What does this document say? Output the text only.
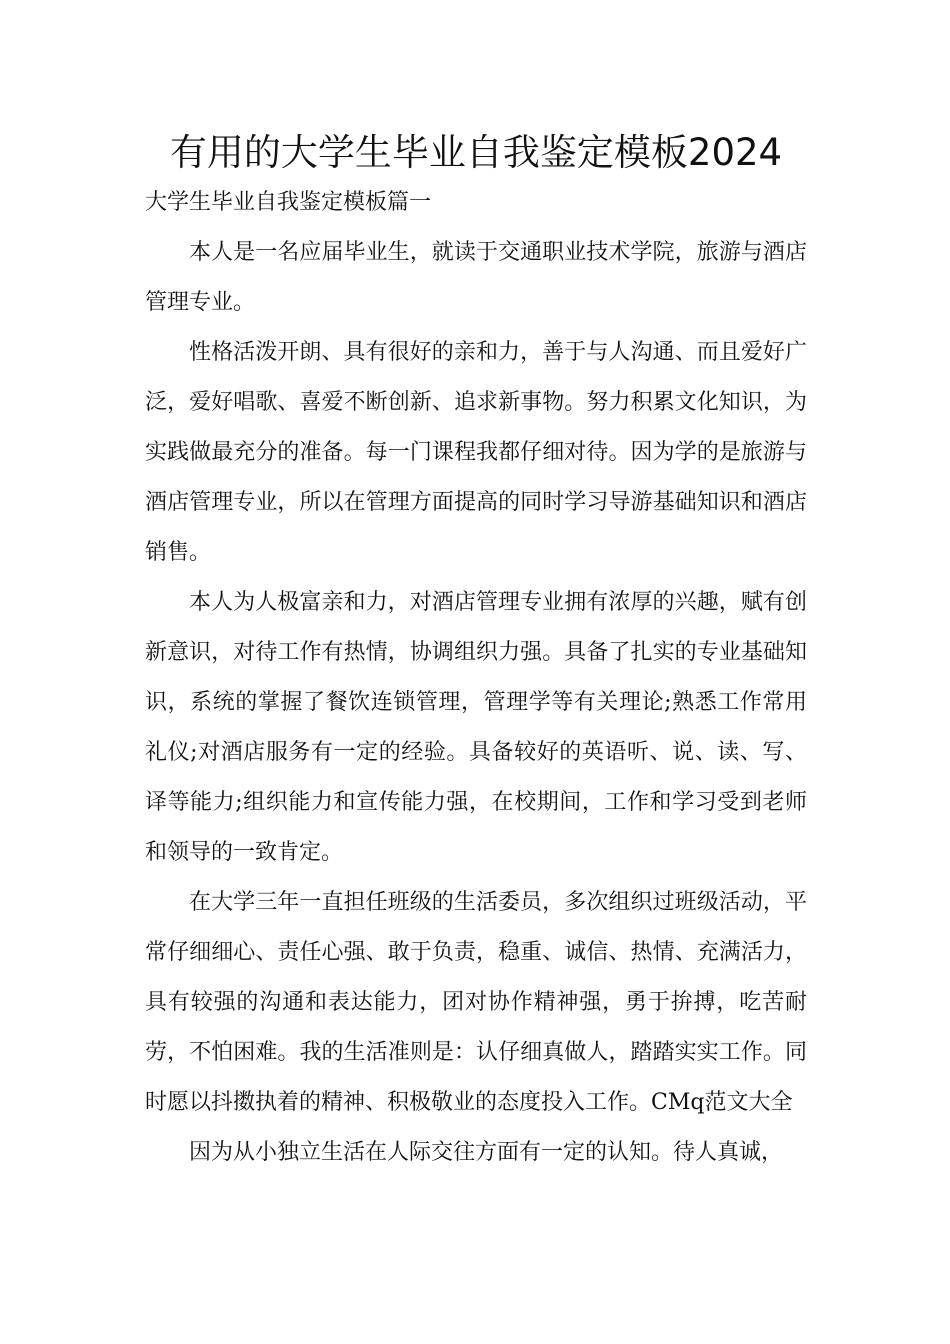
有用的大学生毕业自我鉴定模板2024
大学生毕业自我鉴定模板篇一

本人是一名应届毕业生，就读于交通职业技术学院，旅游与酒店管理专业。

性格活泼开朗、具有很好的亲和力，善于与人沟通、而且爱好广泛，爱好唱歌、喜爱不断创新、追求新事物。努力积累文化知识，为实践做最充分的准备。每一门课程我都仔细对待。因为学的是旅游与酒店管理专业，所以在管理方面提高的同时学习导游基础知识和酒店销售。

本人为人极富亲和力，对酒店管理专业拥有浓厚的兴趣，赋有创新意识，对待工作有热情，协调组织力强。具备了扎实的专业基础知识，系统的掌握了餐饮连锁管理，管理学等有关理论;熟悉工作常用礼仪;对酒店服务有一定的经验。具备较好的英语听、说、读、写、译等能力;组织能力和宣传能力强，在校期间，工作和学习受到老师和领导的一致肯定。

在大学三年一直担任班级的生活委员，多次组织过班级活动，平常仔细细心、责任心强、敢于负责，稳重、诚信、热情、充满活力，具有较强的沟通和表达能力，团对协作精神强，勇于拚搏，吃苦耐劳，不怕困难。我的生活准则是：认仔细真做人，踏踏实实工作。同时愿以抖擞执着的精神、积极敬业的态度投入工作。CMq范文大全

因为从小独立生活在人际交往方面有一定的认知。待人真诚，
